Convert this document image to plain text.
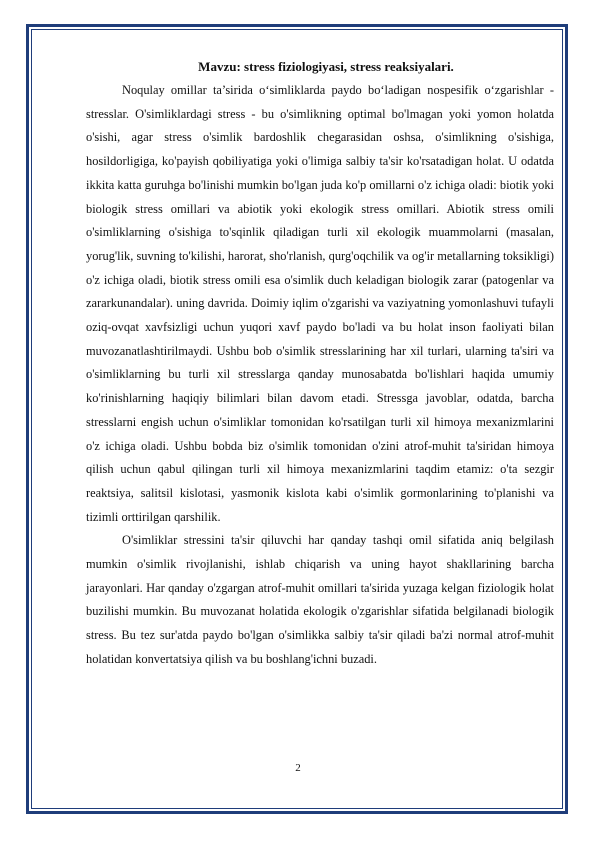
Mavzu: stress fiziologiyasi, stress reaksiyalari.

Noqulay omillar ta’sirida o‘simliklarda paydo bo‘ladigan nospesifik o‘zgarishlar - stresslar. O'simliklardagi stress - bu o'simlikning optimal bo'lmagan yoki yomon holatda o'sishi, agar stress o'simlik bardoshlik chegarasidan oshsa, o'simlikning o'sishiga, hosildorligiga, ko'payish qobiliyatiga yoki o'limiga salbiy ta'sir ko'rsatadigan holat. U odatda ikkita katta guruhga bo'linishi mumkin bo'lgan juda ko'p omillarni o'z ichiga oladi: biotik yoki biologik stress omillari va abiotik yoki ekologik stress omillari. Abiotik stress omili o'simliklarning o'sishiga to'sqinlik qiladigan turli xil ekologik muammolarni (masalan, yorug'lik, suvning to'kilishi, harorat, sho'rlanish, qurg'oqchilik va og'ir metallarning toksikligi) o'z ichiga oladi, biotik stress omili esa o'simlik duch keladigan biologik zarar (patogenlar va zararkunandalar). uning davrida. Doimiy iqlim o'zgarishi va vaziyatning yomonlashuvi tufayli oziq-ovqat xavfsizligi uchun yuqori xavf paydo bo'ladi va bu holat inson faoliyati bilan muvozanatlashtirilmaydi. Ushbu bob o'simlik stresslarining har xil turlari, ularning ta'siri va o'simliklarning bu turli xil stresslarga qanday munosabatda bo'lishlari haqida umumiy ko'rinishlarning haqiqiy bilimlari bilan davom etadi. Stressga javoblar, odatda, barcha stresslarni engish uchun o'simliklar tomonidan ko'rsatilgan turli xil himoya mexanizmlarini o'z ichiga oladi. Ushbu bobda biz o'simlik tomonidan o'zini atrof-muhit ta'siridan himoya qilish uchun qabul qilingan turli xil himoya mexanizmlarini taqdim etamiz: o'ta sezgir reaktsiya, salitsil kislotasi, yasmonik kislota kabi o'simlik gormonlarining to'planishi va tizimli orttirilgan qarshilik.

O'simliklar stressini ta'sir qiluvchi har qanday tashqi omil sifatida aniq belgilash mumkin o'simlik rivojlanishi, ishlab chiqarish va uning hayot shakllarining barcha jarayonlari. Har qanday o'zgargan atrof-muhit omillari ta'sirida yuzaga kelgan fiziologik holat buzilishi mumkin. Bu muvozanat holatida ekologik o'zgarishlar sifatida belgilanadi biologik stress. Bu tez sur'atda paydo bo'lgan o'simlikka salbiy ta'sir qiladi ba'zi normal atrof-muhit holatidan konvertatsiya qilish va bu boshlang'ichni buzadi.

2
